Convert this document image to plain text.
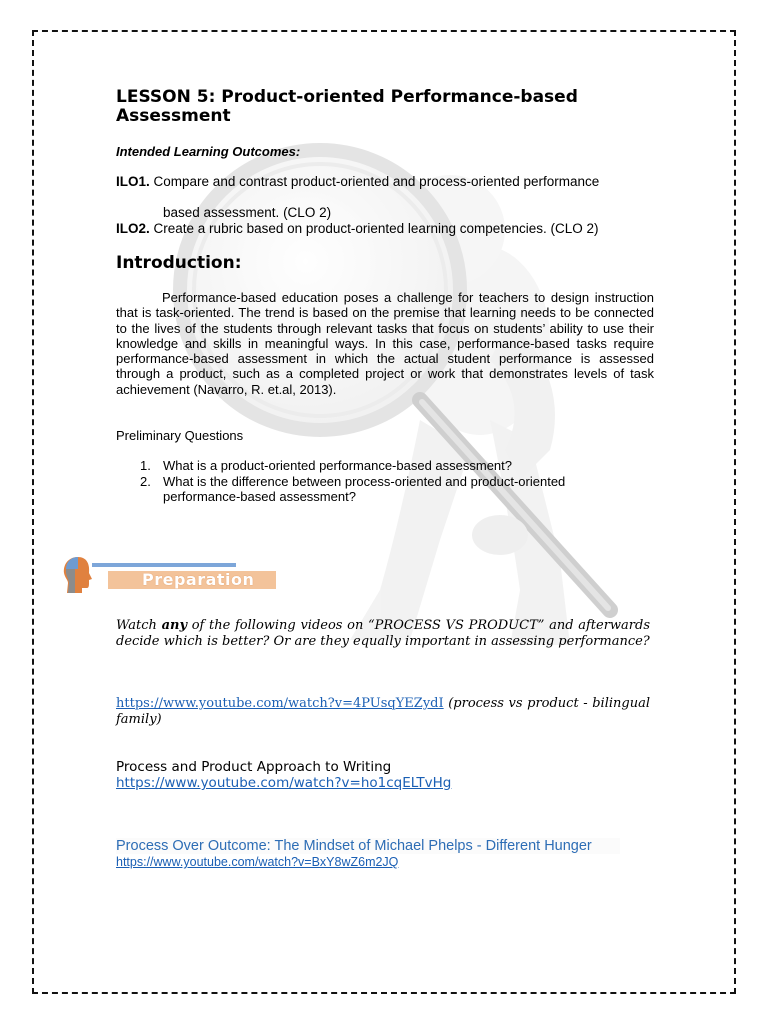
LESSON 5: Product-oriented Performance-based Assessment
Intended Learning Outcomes:
ILO1. Compare and contrast product-oriented and process-oriented performance
based assessment. (CLO 2)
ILO2. Create a rubric based on product-oriented learning competencies. (CLO 2)
Introduction:

Performance-based education poses a challenge for teachers to design instruction that is task-oriented. The trend is based on the premise that learning needs to be connected to the lives of the students through relevant tasks that focus on students’ ability to use their knowledge and skills in meaningful ways. In this case, performance-based tasks require performance-based assessment in which the actual student performance is assessed through a product, such as a completed project or work that demonstrates levels of task achievement (Navarro, R. et.al, 2013).

Preliminary Questions
1. What is a product-oriented performance-based assessment?
2. What is the difference between process-oriented and product-oriented performance-based assessment?
Preparation

Watch any of the following videos on “PROCESS VS PRODUCT” and afterwards decide which is better? Or are they equally important in assessing performance?

https://www.youtube.com/watch?v=4PUsqYEZydI (process vs product - bilingual family)

Process and Product Approach to Writing
https://www.youtube.com/watch?v=ho1cqELTvHg
Process Over Outcome: The Mindset of Michael Phelps - Different Hunger
https://www.youtube.com/watch?v=BxY8wZ6m2JQ
